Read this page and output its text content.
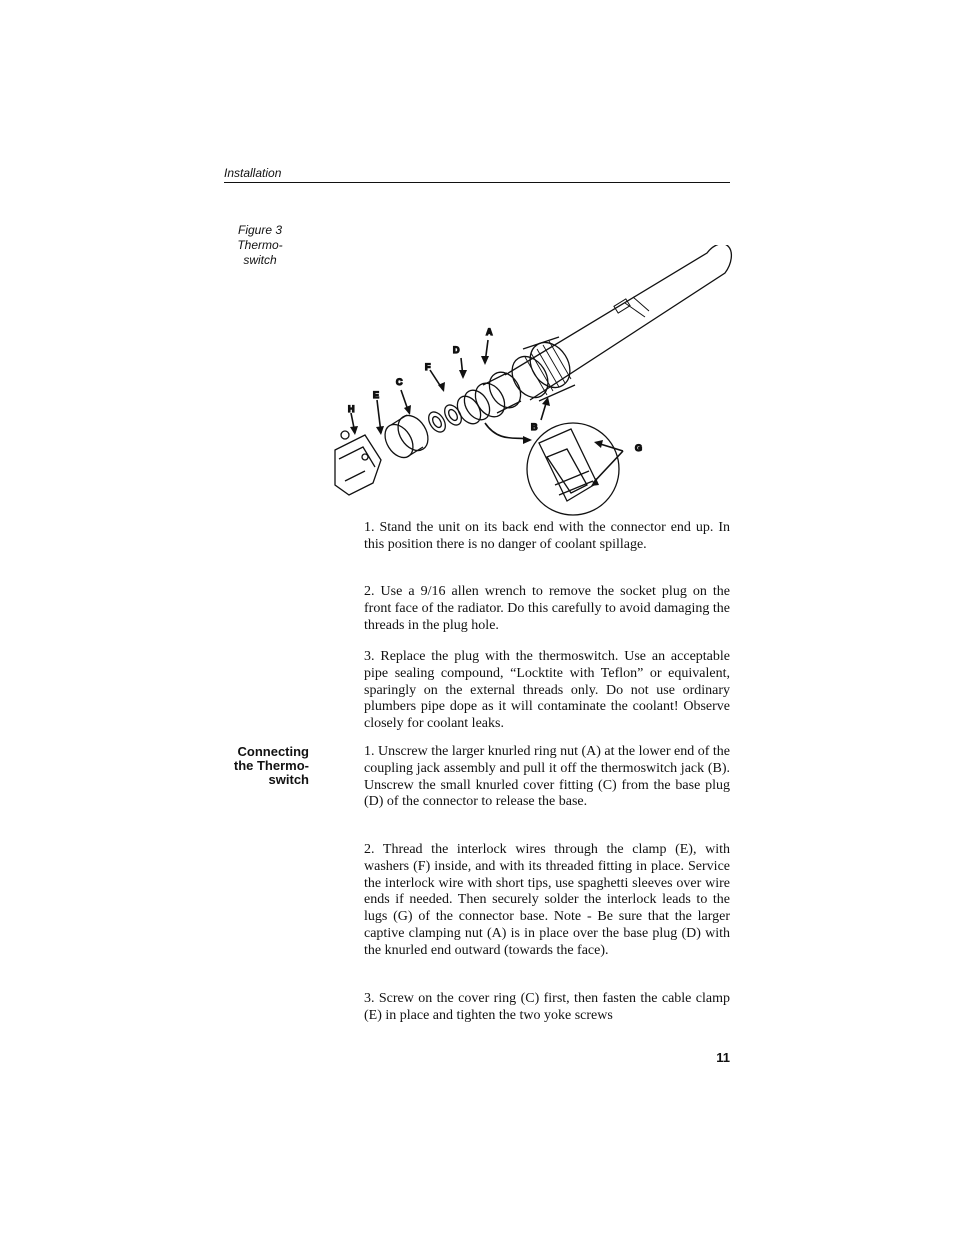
Installation
Figure 3
Thermo-
switch
A
B
C
D
E
F
G
H

1. Stand the unit on its back end with the connector end up. In this position there is no danger of coolant spillage.

2. Use a 9/16 allen wrench to remove the socket plug on the front face of the radiator. Do this carefully to avoid damaging the threads in the plug hole.

3. Replace the plug with the thermoswitch. Use an acceptable pipe sealing compound, “Locktite with Teflon” or equivalent, sparingly on the external threads only. Do not use ordinary plumbers pipe dope as it will contaminate the coolant! Observe closely for coolant leaks.

Connecting
the Thermo-
switch

1. Unscrew the larger knurled ring nut (A) at the lower end of the coupling jack assembly and pull it off the thermoswitch jack (B). Unscrew the small knurled cover fitting (C) from the base plug (D) of the connector to release the base.

2. Thread the interlock wires through the clamp (E), with washers (F) inside, and with its threaded fitting in place. Service the interlock wire with short tips, use spaghetti sleeves over wire ends if needed. Then securely solder the interlock leads to the lugs (G) of the connector base. Note - Be sure that the larger captive clamping nut (A) is in place over the base plug (D) with the knurled end outward (towards the face).

3. Screw on the cover ring (C) first, then fasten the cable clamp (E) in place and tighten the two yoke screws

11
